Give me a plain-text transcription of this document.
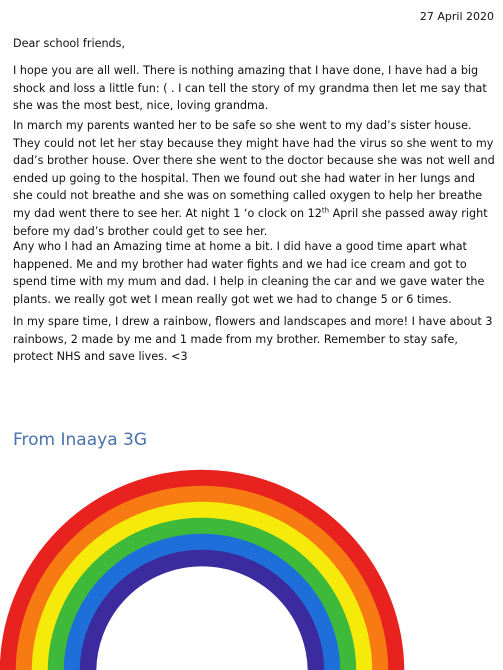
27 April 2020

Dear school friends,

I hope you are all well. There is nothing amazing that I have done, I have had a big shock and loss a little fun: ( . I can tell the story of my grandma then let me say that she was the most best, nice, loving grandma.

In march my parents wanted her to be safe so she went to my dad’s sister house. They could not let her stay because they might have had the virus so she went to my dad’s brother house. Over there she went to the doctor because she was not well and ended up going to the hospital. Then we found out she had water in her lungs and she could not breathe and she was on something called oxygen to help her breathe my dad went there to see her. At night 1 ‘o clock on 12th April she passed away right before my dad’s brother could get to see her.

Any who I had an Amazing time at home a bit. I did have a good time apart what happened. Me and my brother had water fights and we had ice cream and got to spend time with my mum and dad. I help in cleaning the car and we gave water the plants. we really got wet I mean really got wet we had to change 5 or 6 times.

In my spare time, I drew a rainbow, flowers and landscapes and more! I have about 3 rainbows, 2 made by me and 1 made from my brother. Remember to stay safe, protect NHS and save lives. <3

From Inaaya 3G
